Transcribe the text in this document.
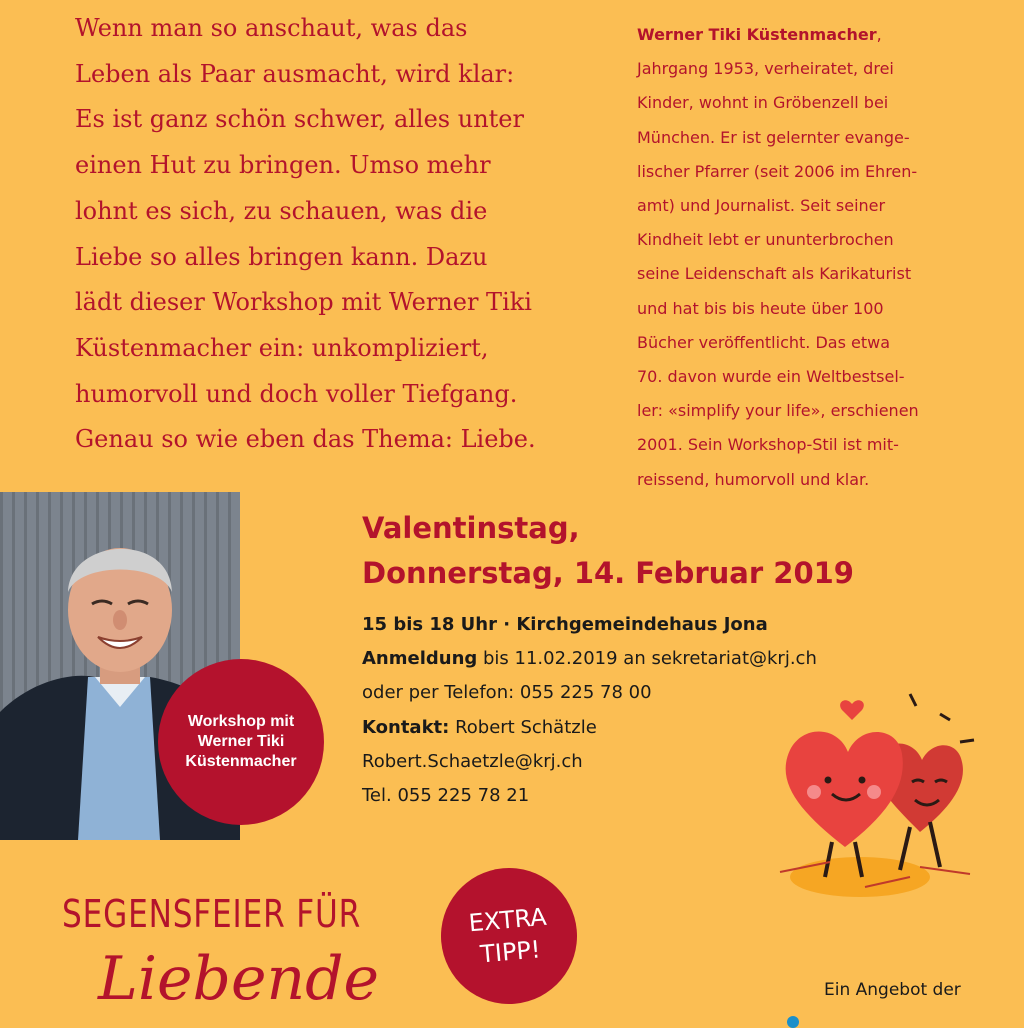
Wenn man so anschaut, was das
Leben als Paar ausmacht, wird klar:
Es ist ganz schön schwer, alles unter
einen Hut zu bringen. Umso mehr
lohnt es sich, zu schauen, was die
Liebe so alles bringen kann. Dazu
lädt dieser Workshop mit Werner Tiki
Küstenmacher ein: unkompliziert,
humorvoll und doch voller Tiefgang.
Genau so wie eben das Thema: Liebe.
Werner Tiki Küstenmacher,
Jahrgang 1953, verheiratet, drei
Kinder, wohnt in Gröbenzell bei
München. Er ist gelernter evange-
lischer Pfarrer (seit 2006 im Ehren-
amt) und Journalist. Seit seiner
Kindheit lebt er ununterbrochen
seine Leidenschaft als Karikaturist
und hat bis bis heute über 100
Bücher veröffentlicht. Das etwa
70. davon wurde ein Weltbestsel-
ler: «simplify your life», erschienen
2001. Sein Workshop-Stil ist mit-
reissend, humorvoll und klar.
Workshop mit
Werner Tiki
Küstenmacher
Valentinstag,
Donnerstag, 14. Februar 2019
15 bis 18 Uhr · Kirchgemeindehaus Jona
Anmeldung bis 11.02.2019 an sekretariat@krj.ch
oder per Telefon: 055 225 78 00
Kontakt: Robert Schätzle
Robert.Schaetzle@krj.ch
Tel. 055 225 78 21
SEGENSFEIER FÜR
Liebende
EXTRA
TIPP!
Ein Angebot der
